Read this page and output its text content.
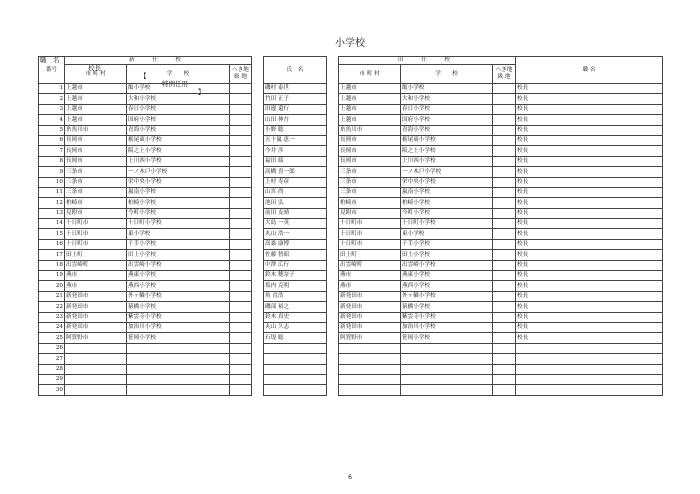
小学校

職　名

校長

【

特例任用

】

番号	新　任　校				氏　名		旧　任　校			職 名
	市 町 村	学　　校	へき地
級 地				市 町 村	学　　校	へき地
級 地	
1	上越市	飯小学校			磯村 泰世		上越市	飯小学校		校長
2	上越市	大和小学校			竹田 正子		上越市	大和小学校		校長
3	上越市	春日小学校			田邊 還行		上越市	春日小学校		校長
4	上越市	国府小学校			山田 伸吾		上越市	国府小学校		校長
5	糸魚川市	青海小学校			小野 聡		糸魚川市	青海小学校		校長
6	長岡市	栃尾東小学校			五十嵐 恵一		長岡市	栃尾東小学校		校長
7	長岡市	阪之上小学校			今井 涉		長岡市	阪之上小学校		校長
8	長岡市	上川西小学校			福田 綾		長岡市	上川西小学校		校長
9	三条市	一ノ木戸小学校			高橋 喜一郎		三条市	一ノ木戸小学校		校長
10	三条市	栄中央小学校			上村 寿彦		三条市	栄中央小学校		校長
11	三条市	嵐南小学校			山宮 尚		三条市	嵐南小学校		校長
12	柏崎市	柏崎小学校			池田 弘		柏崎市	柏崎小学校		校長
13	見附市	今町小学校			前田 友晴		見附市	今町小学校		校長
14	十日町市	十日町小学校			大島 一英		十日町市	十日町小学校		校長
15	十日町市	東小学校			丸山 浩一		十日町市	東小学校		校長
16	十日町市	千手小学校			高桑 康博		十日町市	千手小学校		校長
17	田上町	田上小学校			佐藤 智昭		田上町	田上小学校		校長
18	出雲崎町	出雲崎小学校			中澤 広行		出雲崎町	出雲崎小学校		校長
19	燕市	燕東小学校			鈴木 穂奈子		燕市	燕東小学校		校長
20	燕市	燕西小学校			坂内 克明		燕市	燕西小学校		校長
21	新発田市	外ヶ輪小学校			角 直浩		新発田市	外ヶ輪小学校		校長
22	新発田市	猿橋小学校			磯部 裕之		新発田市	猿橋小学校		校長
23	新発田市	紫雲寺小学校			鈴木 真史		新発田市	紫雲寺小学校		校長
24	新発田市	加治川小学校			丸山 久志		新発田市	加治川小学校		校長
25	阿賀野市	笹岡小学校			石堤 聡		阿賀野市	笹岡小学校		校長
26										
27										
28										
29										
30										
6
